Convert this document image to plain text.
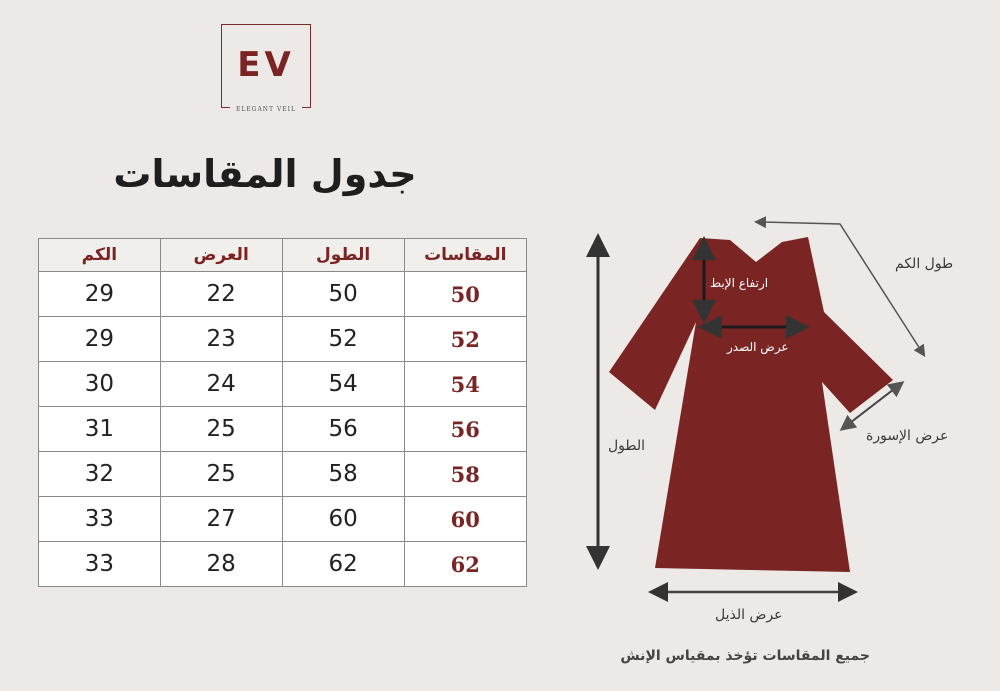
EV
ELEGANT VEIL
جدول المقاسات
الكم	العرض	الطول	المقاسات
29	22	50	50
29	23	52	52
30	24	54	54
31	25	56	56
32	25	58	58
33	27	60	60
33	28	62	62
طول الكم
ارتفاع الإبط
عرض الصدر
الطول
عرض الإسورة
عرض الذيل
جميع المقاسات تؤخذ بمقياس الإنش
